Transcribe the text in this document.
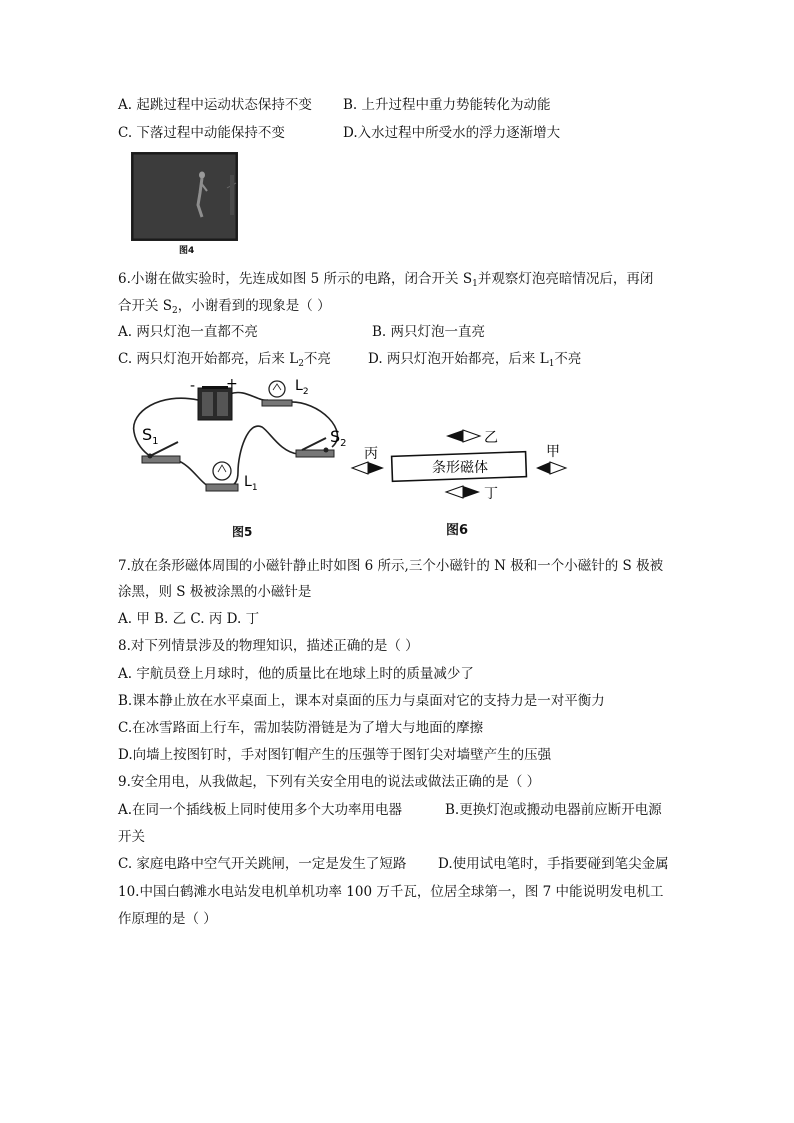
A. 起跳过程中运动状态保持不变 B. 上升过程中重力势能转化为动能
C. 下落过程中动能保持不变	D.入水过程中所受水的浮力逐渐增大
图4
6.小谢在做实验时，先连成如图 5 所示的电路，闭合开关 $S_1$并观察灯泡亮暗情况后，再闭
合开关 $S_2$，小谢看到的现象是（ ）
A. 两只灯泡一直都不亮	B. 两只灯泡一直亮
C. 两只灯泡开始都亮，后来 $L_2$不亮	D. 两只灯泡开始都亮，后来 $L_1$不亮
- +	$L_2$
$S_1$	$S_2$
$L_1$
图5
乙
条形磁体
丙	甲
丁
图6
7.放在条形磁体周围的小磁针静止时如图 6 所示,三个小磁针的 N 极和一个小磁针的 S 极被
涂黑，则 S 极被涂黑的小磁针是
A. 甲 B. 乙 C. 丙 D. 丁
8.对下列情景涉及的物理知识，描述正确的是（ ）
A. 宇航员登上月球时，他的质量比在地球上时的质量减少了
B.课本静止放在水平桌面上，课本对桌面的压力与桌面对它的支持力是一对平衡力
C.在冰雪路面上行车，需加装防滑链是为了增大与地面的摩擦
D.向墙上按图钉时，手对图钉帽产生的压强等于图钉尖对墙壁产生的压强
9.安全用电，从我做起，下列有关安全用电的说法或做法正确的是（ ）
A.在同一个插线板上同时使用多个大功率用电器	B.更换灯泡或搬动电器前应断开电源
开关
C. 家庭电路中空气开关跳闸，一定是发生了短路 D.使用试电笔时，手指要碰到笔尖金属
10.中国白鹤滩水电站发电机单机功率 100 万千瓦，位居全球第一，图 7 中能说明发电机工
作原理的是（ ）
